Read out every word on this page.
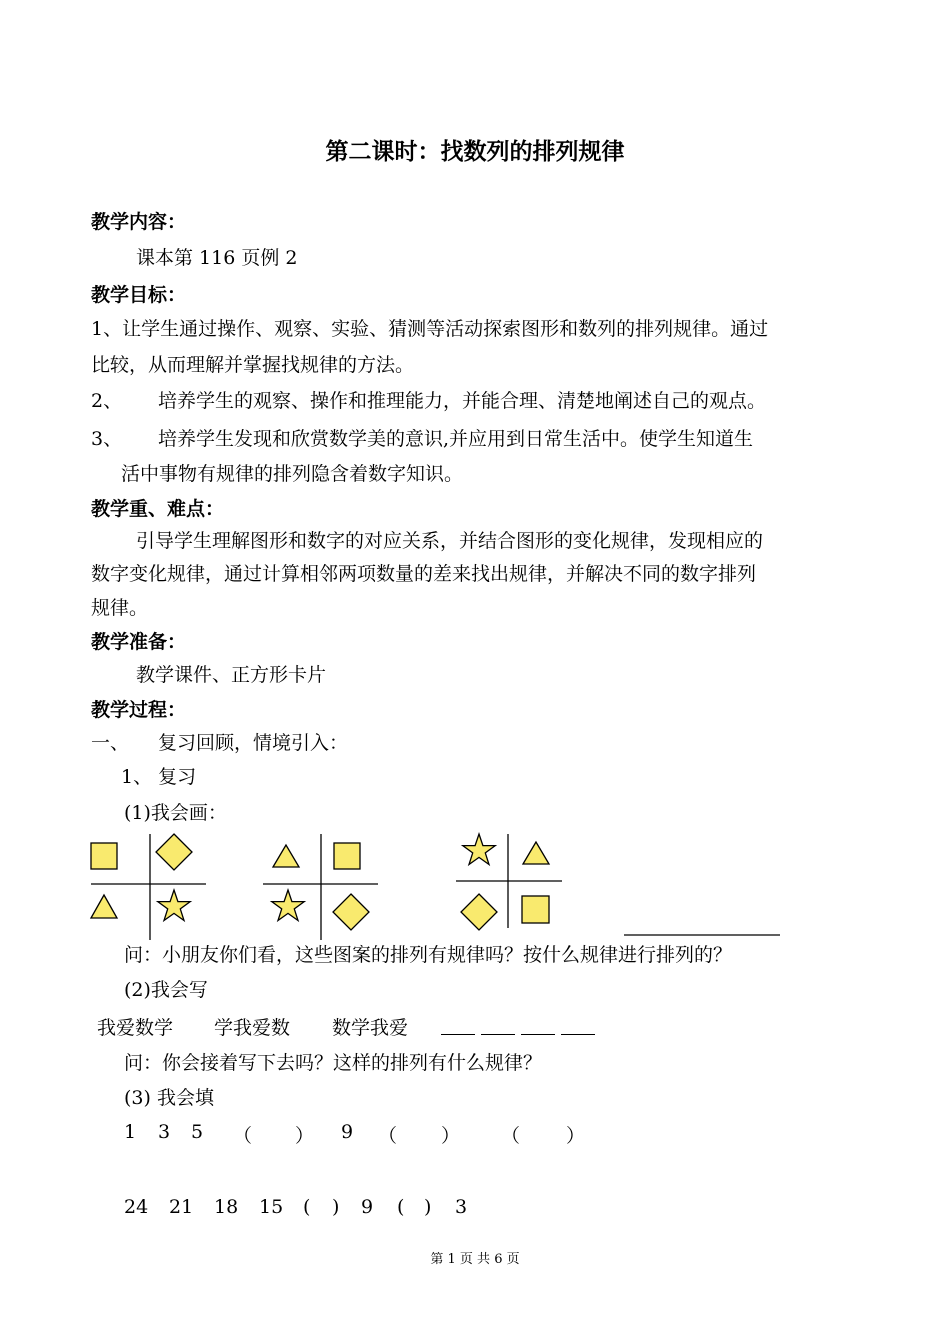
第二课时：找数列的排列规律
教学内容：
课本第 116 页例 2
教学目标：
1、让学生通过操作、观察、实验、猜测等活动探索图形和数列的排列规律。通过
比较，从而理解并掌握找规律的方法。
2、 培养学生的观察、操作和推理能力，并能合理、清楚地阐述自己的观点。
3、 培养学生发现和欣赏数学美的意识,并应用到日常生活中。使学生知道生
活中事物有规律的排列隐含着数字知识。
教学重、难点：
引导学生理解图形和数字的对应关系，并结合图形的变化规律，发现相应的
数字变化规律，通过计算相邻两项数量的差来找出规律，并解决不同的数字排列
规律。
教学准备：
教学课件、正方形卡片
教学过程：
一、 复习回顾，情境引入：
1、 复习
(1)我会画：
问：小朋友你们看，这些图案的排列有规律吗？按什么规律进行排列的？
(2)我会写
我爱数学 学我爱数 数学我爱
问：你会接着写下去吗？这样的排列有什么规律？
(3) 我会填
1 3 5 （ ） 9 （ ） （ ）
24 21 18 15 ( ) 9 ( ) 3
第 1 页 共 6 页
